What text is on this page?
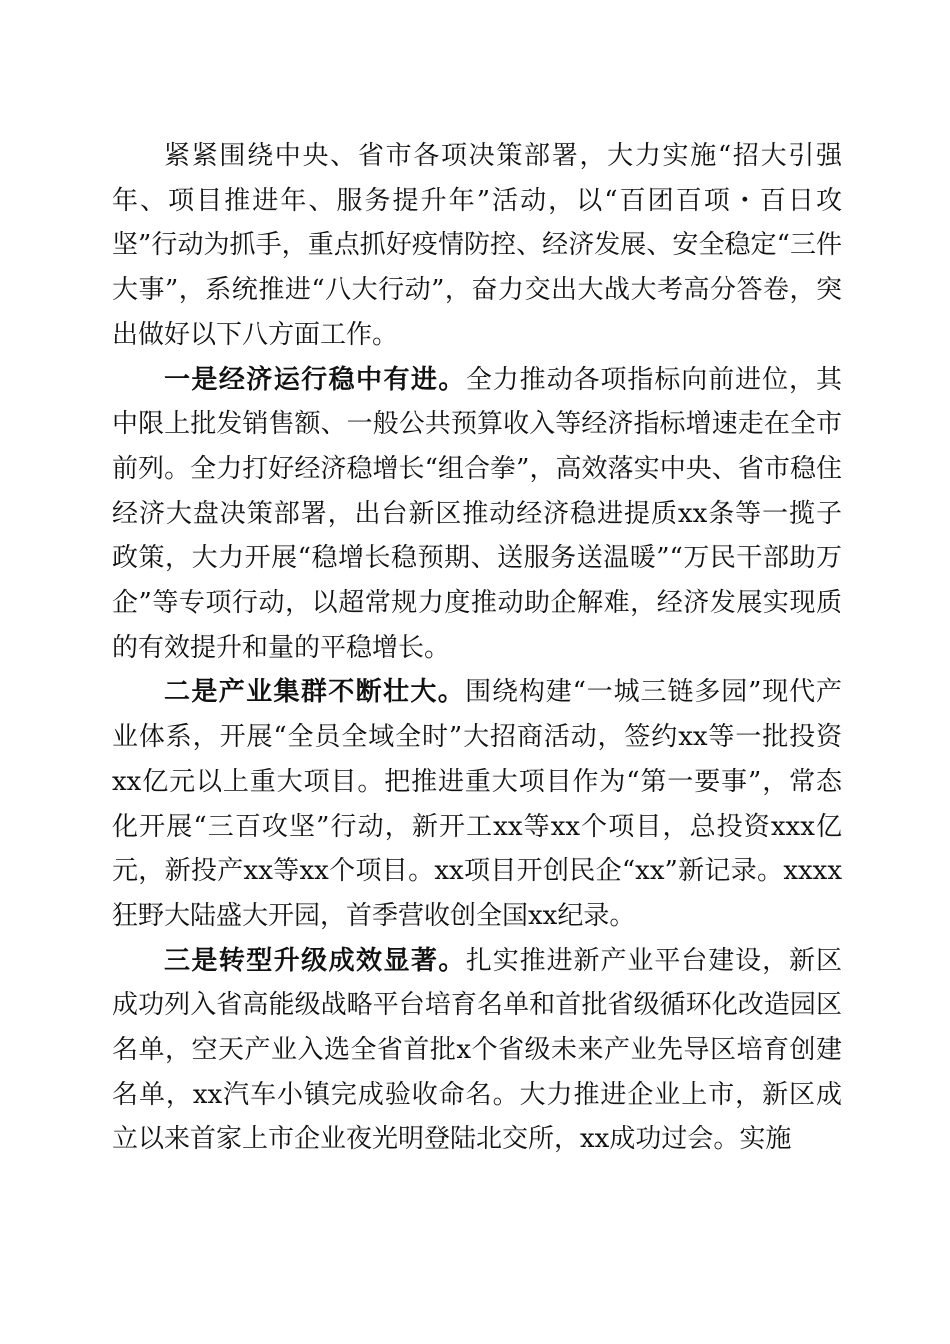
紧紧围绕中央、省市各项决策部署，大力实施“招大引强年、项目推进年、服务提升年”活动，以“百团百项・百日攻坚”行动为抓手，重点抓好疫情防控、经济发展、安全稳定“三件大事”，系统推进“八大行动”，奋力交出大战大考高分答卷，突出做好以下八方面工作。

一是经济运行稳中有进。全力推动各项指标向前进位，其中限上批发销售额、一般公共预算收入等经济指标增速走在全市前列。全力打好经济稳增长“组合拳”，高效落实中央、省市稳住经济大盘决策部署，出台新区推动经济稳进提质xx条等一揽子政策，大力开展“稳增长稳预期、送服务送温暖”“万民干部助万企”等专项行动，以超常规力度推动助企解难，经济发展实现质的有效提升和量的平稳增长。

二是产业集群不断壮大。围绕构建“一城三链多园”现代产业体系，开展“全员全域全时”大招商活动，签约xx等一批投资xx亿元以上重大项目。把推进重大项目作为“第一要事”，常态化开展“三百攻坚”行动，新开工xx等xx个项目，总投资xxx亿元，新投产xx等xx个项目。xx项目开创民企“xx”新记录。xxxx狂野大陆盛大开园，首季营收创全国xx纪录。

三是转型升级成效显著。扎实推进新产业平台建设，新区成功列入省高能级战略平台培育名单和首批省级循环化改造园区名单，空天产业入选全省首批x个省级未来产业先导区培育创建名单，xx汽车小镇完成验收命名。大力推进企业上市，新区成立以来首家上市企业夜光明登陆北交所，xx成功过会。实施
